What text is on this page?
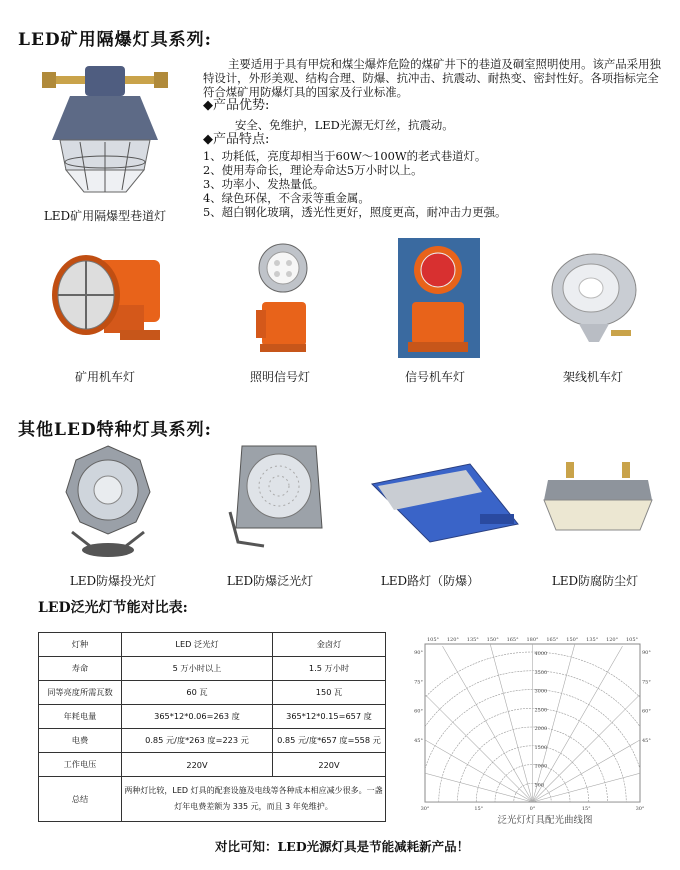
LED矿用隔爆灯具系列:
LED矿用隔爆型巷道灯
主要适用于具有甲烷和煤尘爆炸危险的煤矿井下的巷道及硐室照明使用。该产品采用独特设计，外形美观、结构合理、防爆、抗冲击、抗震动、耐热变、密封性好。各项指标完全符合煤矿用防爆灯具的国家及行业标准。
◆产品优势:
安全、免维护，LED光源无灯丝，抗震动。
◆产品特点:
1、功耗低，亮度却相当于60W～100W的老式巷道灯。
2、使用寿命长，理论寿命达5万小时以上。
3、功率小、发热量低。
4、绿色环保，不含汞等重金属。
5、超白钢化玻璃，透光性更好，照度更高，耐冲击力更强。
矿用机车灯	照明信号灯	信号机车灯	架线机车灯
其他LED特种灯具系列:
LED防爆投光灯	LED防爆泛光灯	LED路灯（防爆）	LED防腐防尘灯
LED泛光灯节能对比表:
灯种	LED 泛光灯	金卤灯
寿命	5 万小时以上	1.5 万小时
同等亮度所需瓦数	60 瓦	150 瓦
年耗电量	365*12*0.06=263 度	365*12*0.15=657 度
电费	0.85 元/度*263 度=223 元	0.85 元/度*657 度=558 元
工作电压	220V	220V
总结	两种灯比较，LED 灯具的配套设施及电线等各种成本相应减少很多。一盏灯年电费差额为 335 元，而且 3 年免维护。	
500
1000
1500
2000
2500
3000
3500
4000
105° 120° 135° 150° 165° 180° 165° 150° 135° 120° 105°
90°
75°
60°
45°
90°
75°
60°
45°
30°	15°	0°	15°	30°
泛光灯灯具配光曲线图
对比可知：LED光源灯具是节能减耗新产品！
